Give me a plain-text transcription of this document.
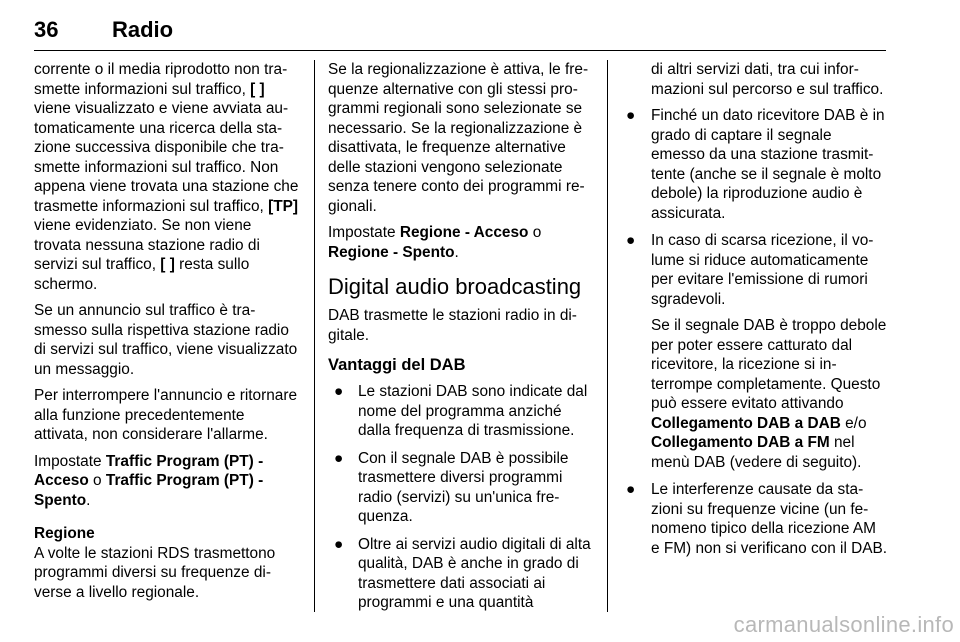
36 Radio

corrente o il media riprodotto non trasmette informazioni sul traffico, [ ] viene visualizzato e viene avviata automaticamente una ricerca della stazione successiva disponibile che trasmette informazioni sul traffico. Non appena viene trovata una stazione che trasmette informazioni sul traffico, [TP] viene evidenziato. Se non viene trovata nessuna stazione radio di servizi sul traffico, [ ] resta sullo schermo.

Se un annuncio sul traffico è trasmesso sulla rispettiva stazione radio di servizi sul traffico, viene visualizzato un messaggio.

Per interrompere l'annuncio e ritornare alla funzione precedentemente attivata, non considerare l'allarme.

Impostate Traffic Program (PT) - Acceso o Traffic Program (PT) - Spento.

Regione

A volte le stazioni RDS trasmettono programmi diversi su frequenze diverse a livello regionale.

Se la regionalizzazione è attiva, le frequenze alternative con gli stessi programmi regionali sono selezionate se necessario. Se la regionalizzazione è disattivata, le frequenze alternative delle stazioni vengono selezionate senza tenere conto dei programmi regionali.

Impostate Regione - Acceso o Regione - Spento.

Digital audio broadcasting

DAB trasmette le stazioni radio in digitale.

Vantaggi del DAB
● Le stazioni DAB sono indicate dal nome del programma anziché dalla frequenza di trasmissione.
● Con il segnale DAB è possibile trasmettere diversi programmi radio (servizi) su un'unica frequenza.
● Oltre ai servizi audio digitali di alta qualità, DAB è anche in grado di trasmettere dati associati ai programmi e una quantità

di altri servizi dati, tra cui informazioni sul percorso e sul traffico.

● Finché un dato ricevitore DAB è in grado di captare il segnale emesso da una stazione trasmittente (anche se il segnale è molto debole) la riproduzione audio è assicurata.
● In caso di scarsa ricezione, il volume si riduce automaticamente per evitare l'emissione di rumori sgradevoli.

Se il segnale DAB è troppo debole per poter essere catturato dal ricevitore, la ricezione si interrompe completamente. Questo può essere evitato attivando Collegamento DAB a DAB e/o Collegamento DAB a FM nel menù DAB (vedere di seguito).

● Le interferenze causate da stazioni su frequenze vicine (un fenomeno tipico della ricezione AM e FM) non si verificano con il DAB.
carmanualsonline.info
